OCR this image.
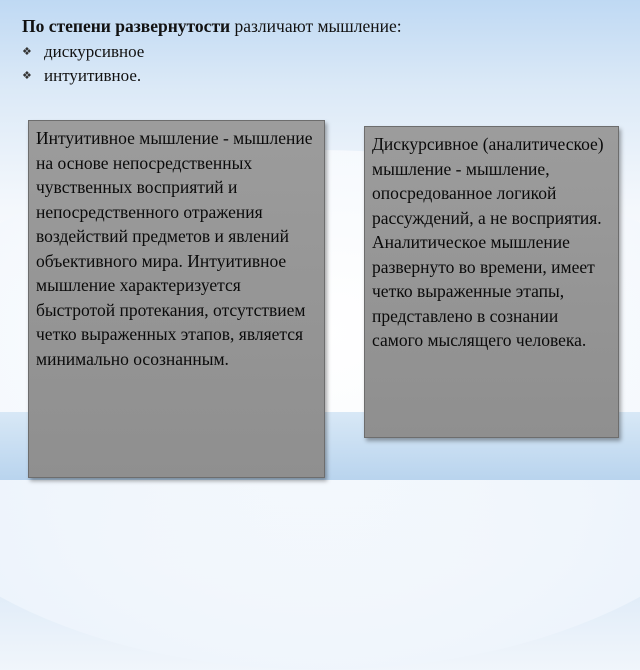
По степени развернутости различают мышление:
❖ дискурсивное
❖ интуитивное.

Интуитивное мышление - мышление на основе непосредственных чувственных восприятий и непосредственного отражения воздействий предметов и явлений объективного мира. Интуитивное мышление характеризуется быстротой протекания, отсутствием четко выраженных этапов, является минимально осознанным.

Дискурсивное (аналитическое) мышление - мышление, опосредованное логикой рассуждений, а не восприятия.

Аналитическое мышление развернуто во времени, имеет четко выраженные этапы, представлено в сознании самого мыслящего человека.
